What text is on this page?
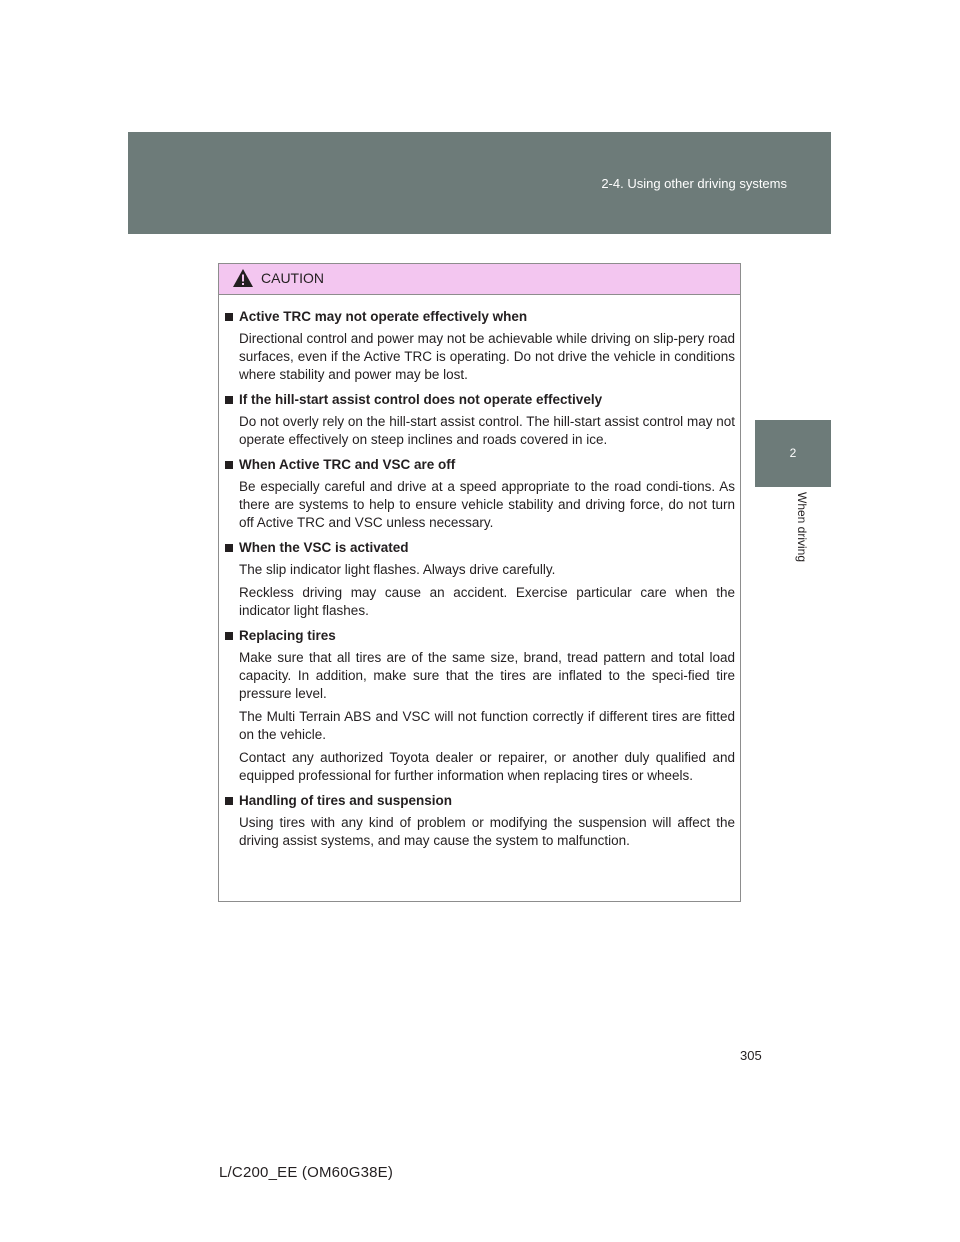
2-4. Using other driving systems
2
When driving
CAUTION
Active TRC may not operate effectively when

Directional control and power may not be achievable while driving on slip-pery road surfaces, even if the Active TRC is operating. Do not drive the vehicle in conditions where stability and power may be lost.

If the hill-start assist control does not operate effectively

Do not overly rely on the hill-start assist control. The hill-start assist control may not operate effectively on steep inclines and roads covered in ice.

When Active TRC and VSC are off

Be especially careful and drive at a speed appropriate to the road condi-tions. As there are systems to help to ensure vehicle stability and driving force, do not turn off Active TRC and VSC unless necessary.

When the VSC is activated

The slip indicator light flashes. Always drive carefully.

Reckless driving may cause an accident. Exercise particular care when the indicator light flashes.

Replacing tires

Make sure that all tires are of the same size, brand, tread pattern and total load capacity. In addition, make sure that the tires are inflated to the speci-fied tire pressure level.

The Multi Terrain ABS and VSC will not function correctly if different tires are fitted on the vehicle.

Contact any authorized Toyota dealer or repairer, or another duly qualified and equipped professional for further information when replacing tires or wheels.

Handling of tires and suspension

Using tires with any kind of problem or modifying the suspension will affect the driving assist systems, and may cause the system to malfunction.

305
L/C200_EE (OM60G38E)
